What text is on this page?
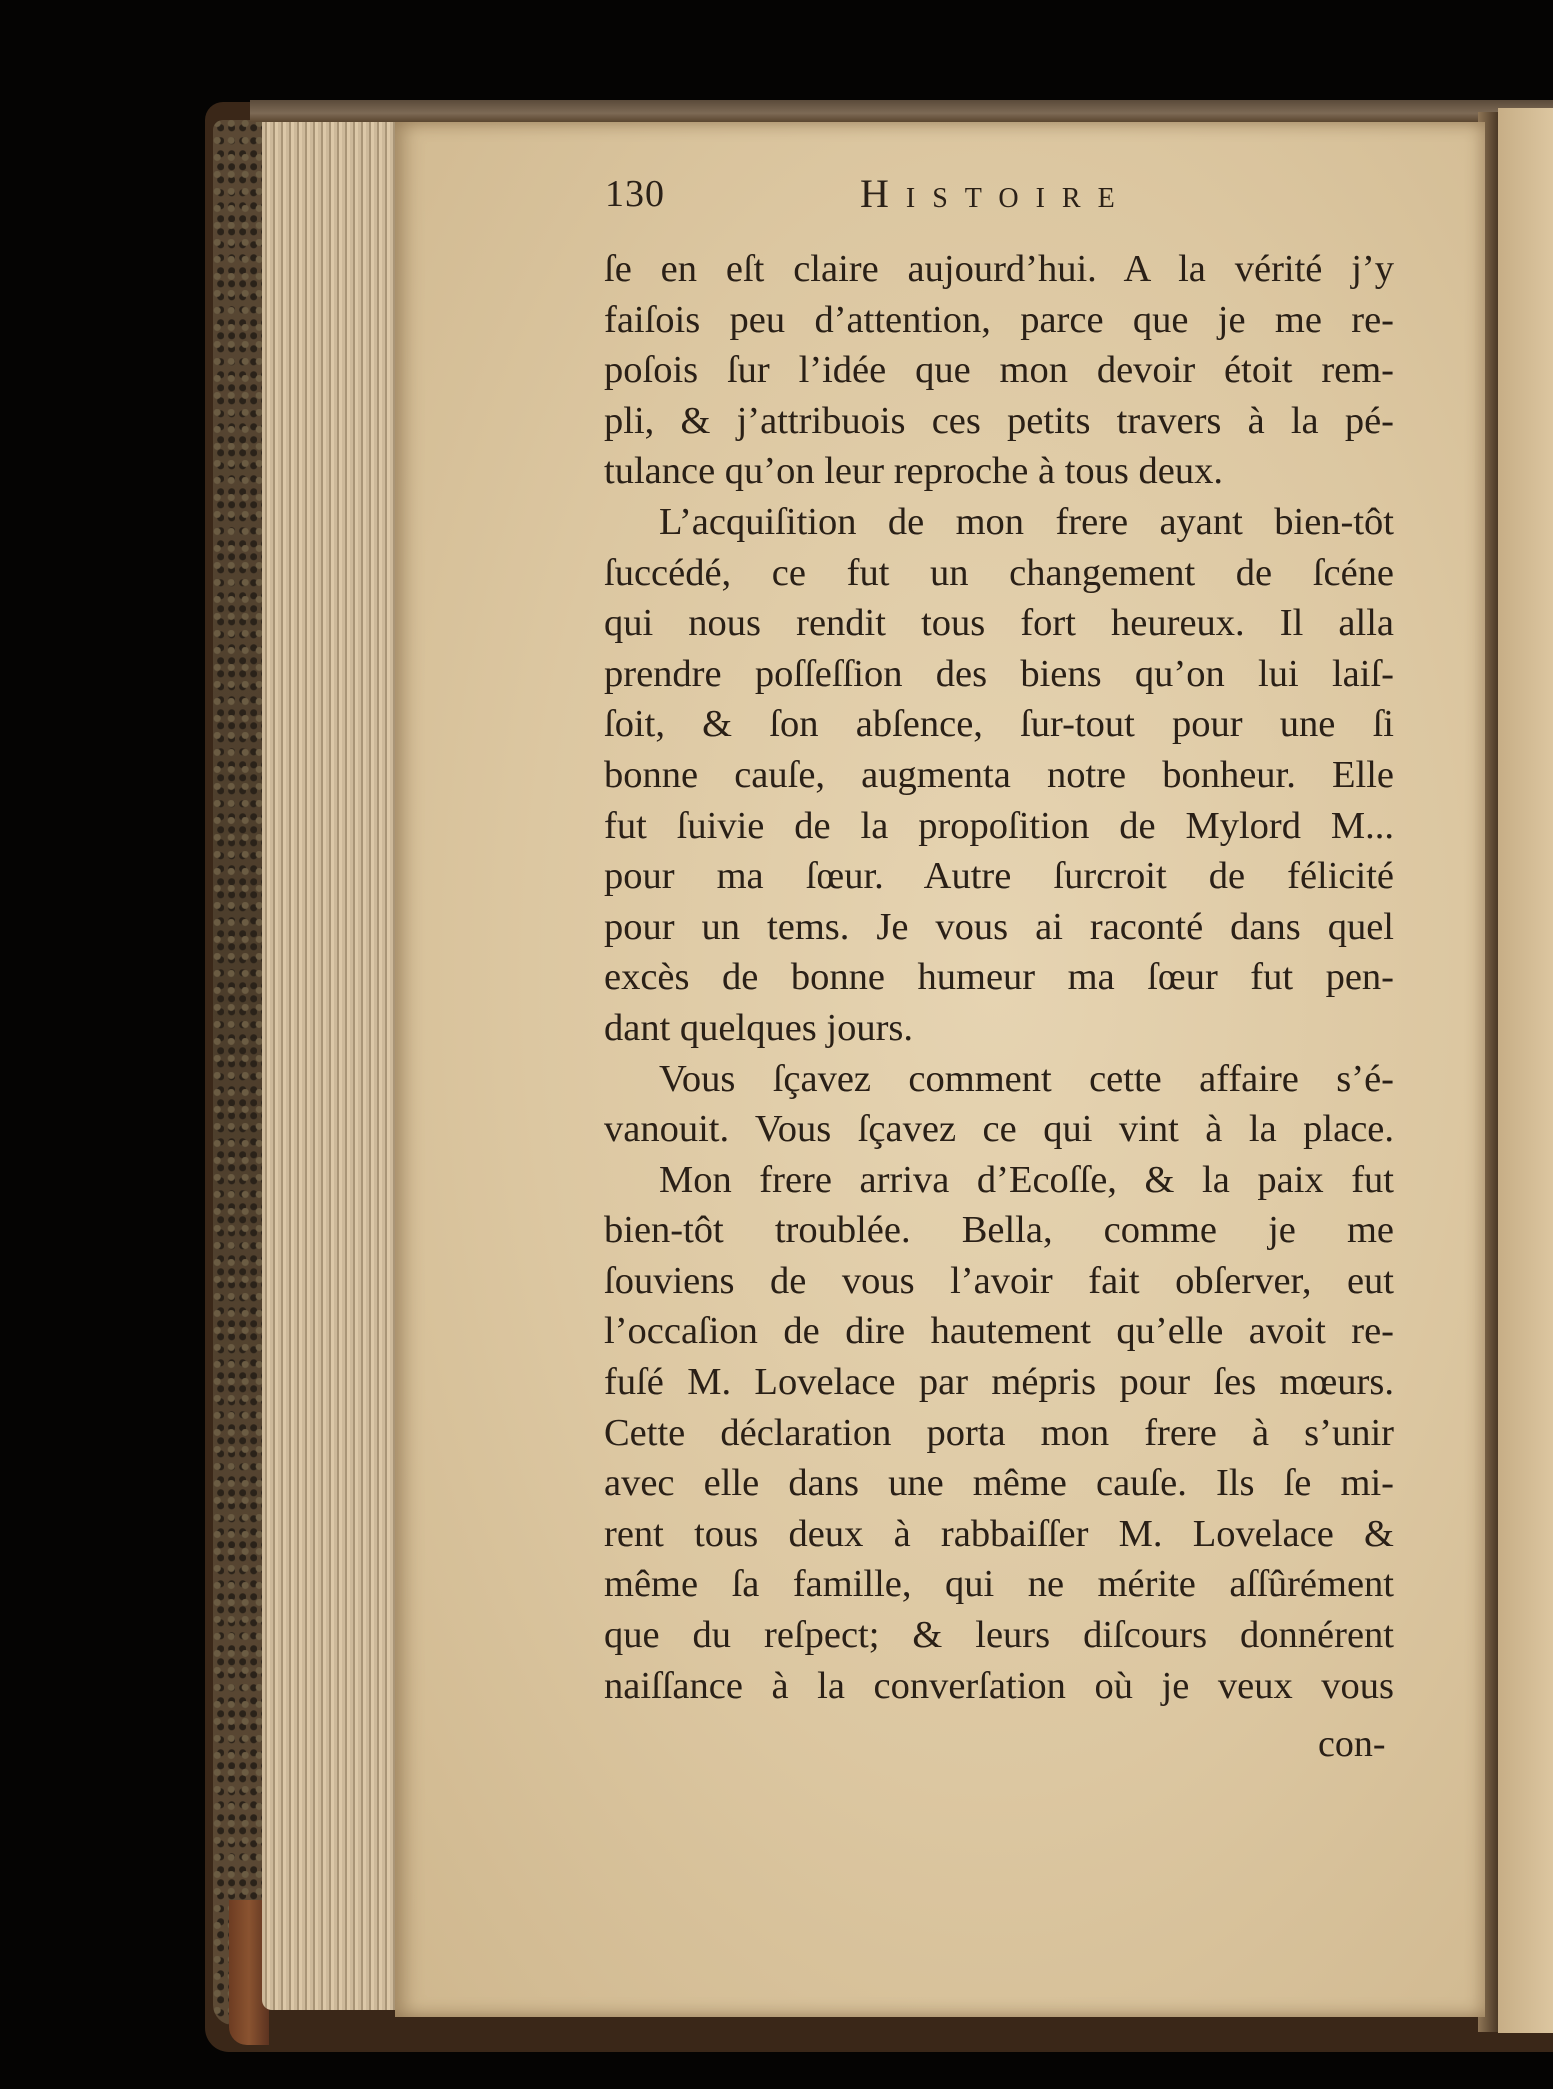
130	Histoire
ſe en eſt claire aujourd’hui. A la vérité j’y
faiſois peu d’attention, parce que je me re-
poſois ſur l’idée que mon devoir étoit rem-
pli, & j’attribuois ces petits travers à la pé-
tulance qu’on leur reproche à tous deux.
L’acquiſition de mon frere ayant bien-tôt
ſuccédé, ce fut un changement de ſcéne
qui nous rendit tous fort heureux. Il alla
prendre poſſeſſion des biens qu’on lui laiſ-
ſoit, & ſon abſence, ſur-tout pour une ſi
bonne cauſe, augmenta notre bonheur. Elle
fut ſuivie de la propoſition de Mylord M...
pour ma ſœur. Autre ſurcroit de félicité
pour un tems. Je vous ai raconté dans quel
excès de bonne humeur ma ſœur fut pen-
dant quelques jours.
Vous ſçavez comment cette affaire s’é-
vanouit. Vous ſçavez ce qui vint à la place.
Mon frere arriva d’Ecoſſe, & la paix fut
bien-tôt troublée. Bella, comme je me
ſouviens de vous l’avoir fait obſerver, eut
l’occaſion de dire hautement qu’elle avoit re-
fuſé M. Lovelace par mépris pour ſes mœurs.
Cette déclaration porta mon frere à s’unir
avec elle dans une même cauſe. Ils ſe mi-
rent tous deux à rabbaiſſer M. Lovelace &
même ſa famille, qui ne mérite aſſûrément
que du reſpect; & leurs diſcours donnérent
naiſſance à la converſation où je veux vous
con-
